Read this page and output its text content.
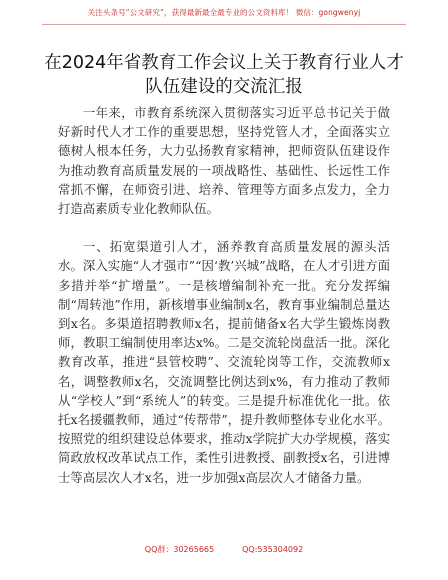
关注头条号“公文研究”，获得最新最全最专业的公文资料库！ 微信：gongwenyj
在2024年省教育工作会议上关于教育行业人才
队伍建设的交流汇报

一年来，市教育系统深入贯彻落实习近平总书记关于做好新时代人才工作的重要思想，坚持党管人才，全面落实立德树人根本任务，大力弘扬教育家精神，把师资队伍建设作为推动教育高质量发展的一项战略性、基础性、长远性工作常抓不懈，在师资引进、培养、管理等方面多点发力，全力打造高素质专业化教师队伍。

一、拓宽渠道引人才，涵养教育高质量发展的源头活水。深入实施“人才强市”“因‘教’兴城”战略，在人才引进方面多措并举“扩增量”。一是核增编制补充一批。充分发挥编制“周转池”作用，新核增事业编制x名，教育事业编制总量达到x名。多渠道招聘教师x名，提前储备x名大学生锻炼岗教师，教职工编制使用率达x%。二是交流轮岗盘活一批。深化教育改革，推进“县管校聘”、交流轮岗等工作，交流教师x名，调整教师x名，交流调整比例达到x%，有力推动了教师从“学校人”到“系统人”的转变。三是提升标准优化一批。依托x名援疆教师，通过“传帮带”，提升教师整体专业化水平。按照党的组织建设总体要求，推动x学院扩大办学规模，落实简政放权改革试点工作，柔性引进教授、副教授x名，引进博士等高层次人才x名，进一步加强x高层次人才储备力量。

QQ群：30265665	QQ:535304092
